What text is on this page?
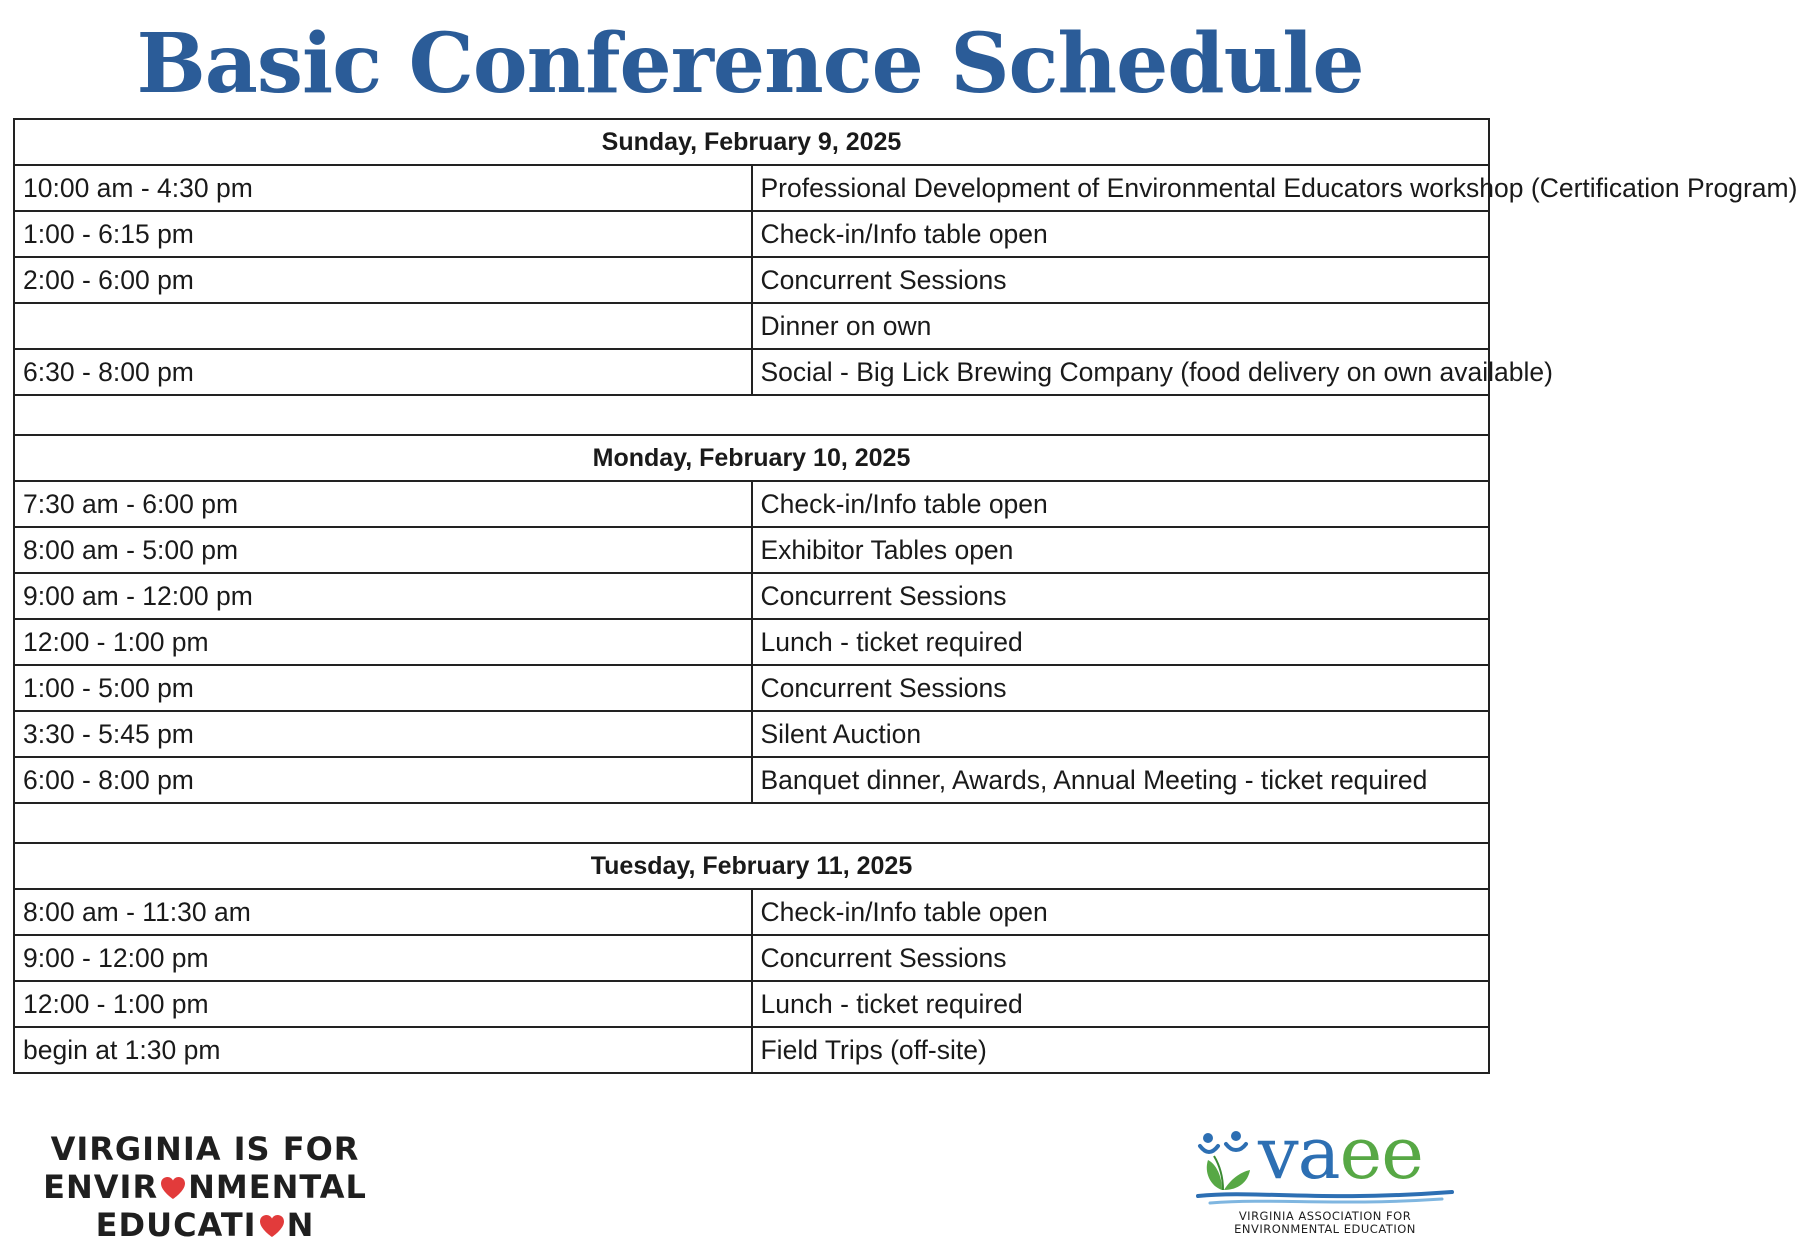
Basic Conference Schedule
Sunday, February 9, 2025	
10:00 am - 4:30 pm	Professional Development of Environmental Educators workshop (Certification Program)
1:00 - 6:15 pm	Check-in/Info table open
2:00 - 6:00 pm	Concurrent Sessions
	Dinner on own
6:30 - 8:00 pm	Social - Big Lick Brewing Company (food delivery on own available)

Monday, February 10, 2025	
7:30 am - 6:00 pm	Check-in/Info table open
8:00 am - 5:00 pm	Exhibitor Tables open
9:00 am - 12:00 pm	Concurrent Sessions
12:00 - 1:00 pm	Lunch - ticket required
1:00 - 5:00 pm	Concurrent Sessions
3:30 - 5:45 pm	Silent Auction
6:00 - 8:00 pm	Banquet dinner, Awards, Annual Meeting - ticket required

Tuesday, February 11, 2025	
8:00 am - 11:30 am	Check-in/Info table open
9:00 - 12:00 pm	Concurrent Sessions
12:00 - 1:00 pm	Lunch - ticket required
begin at 1:30 pm	Field Trips (off-site)
VIRGINIA IS FOR
ENVIR NMENTAL
EDUCATI N
vaee
VIRGINIA ASSOCIATION FOR
ENVIRONMENTAL EDUCATION
